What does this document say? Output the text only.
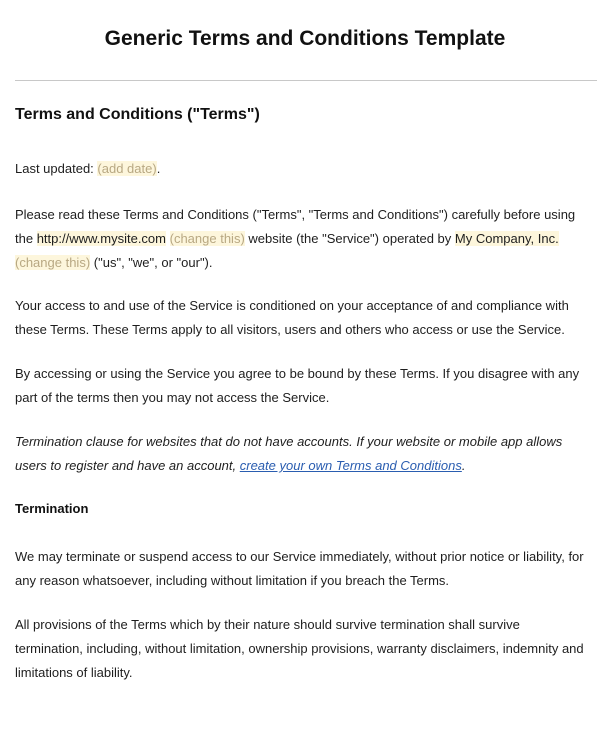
Generic Terms and Conditions Template
Terms and Conditions ("Terms")

Last updated: (add date).

Please read these Terms and Conditions ("Terms", "Terms and Conditions") carefully before using the http://www.mysite.com (change this) website (the "Service") operated by My Company, Inc.
(change this) ("us", "we", or "our").

Your access to and use of the Service is conditioned on your acceptance of and compliance with these Terms. These Terms apply to all visitors, users and others who access or use the Service.

By accessing or using the Service you agree to be bound by these Terms. If you disagree with any part of the terms then you may not access the Service.

Termination clause for websites that do not have accounts. If your website or mobile app allows users to register and have an account, create your own Terms and Conditions.

Termination

We may terminate or suspend access to our Service immediately, without prior notice or liability, for any reason whatsoever, including without limitation if you breach the Terms.

All provisions of the Terms which by their nature should survive termination shall survive termination, including, without limitation, ownership provisions, warranty disclaimers, indemnity and limitations of liability.
